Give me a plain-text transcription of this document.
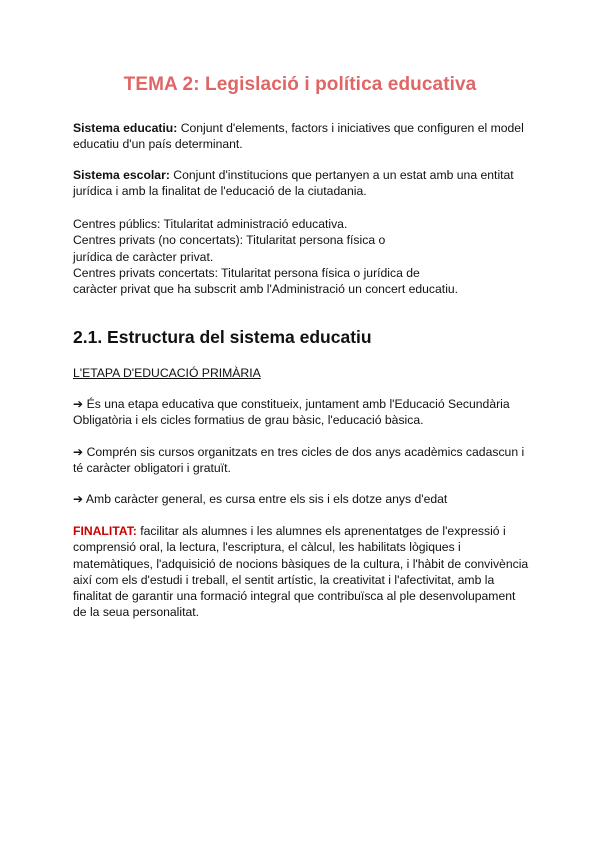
TEMA 2: Legislació i política educativa
Sistema educatiu: Conjunt d'elements, factors i iniciatives que configuren el model
educatiu d'un país determinant.
Sistema escolar: Conjunt d'institucions que pertanyen a un estat amb una entitat
jurídica i amb la finalitat de l'educació de la ciutadania.
Centres públics: Titularitat administració educativa.
Centres privats (no concertats): Titularitat persona física o
jurídica de caràcter privat.
Centres privats concertats: Titularitat persona física o jurídica de
caràcter privat que ha subscrit amb l'Administració un concert educatiu.
2.1. Estructura del sistema educatiu
L'ETAPA D'EDUCACIÓ PRIMÀRIA
➔ És una etapa educativa que constitueix, juntament amb l'Educació Secundària
Obligatòria i els cicles formatius de grau bàsic, l'educació bàsica.
➔ Comprén sis cursos organitzats en tres cicles de dos anys acadèmics cadascun i
té caràcter obligatori i gratuït.
➔ Amb caràcter general, es cursa entre els sis i els dotze anys d'edat
FINALITAT: facilitar als alumnes i les alumnes els aprenentatges de l'expressió i
comprensió oral, la lectura, l'escriptura, el càlcul, les habilitats lògiques i
matemàtiques, l'adquisició de nocions bàsiques de la cultura, i l'hàbit de convivència
així com els d'estudi i treball, el sentit artístic, la creativitat i l'afectivitat, amb la
finalitat de garantir una formació integral que contribuïsca al ple desenvolupament
de la seua personalitat.
